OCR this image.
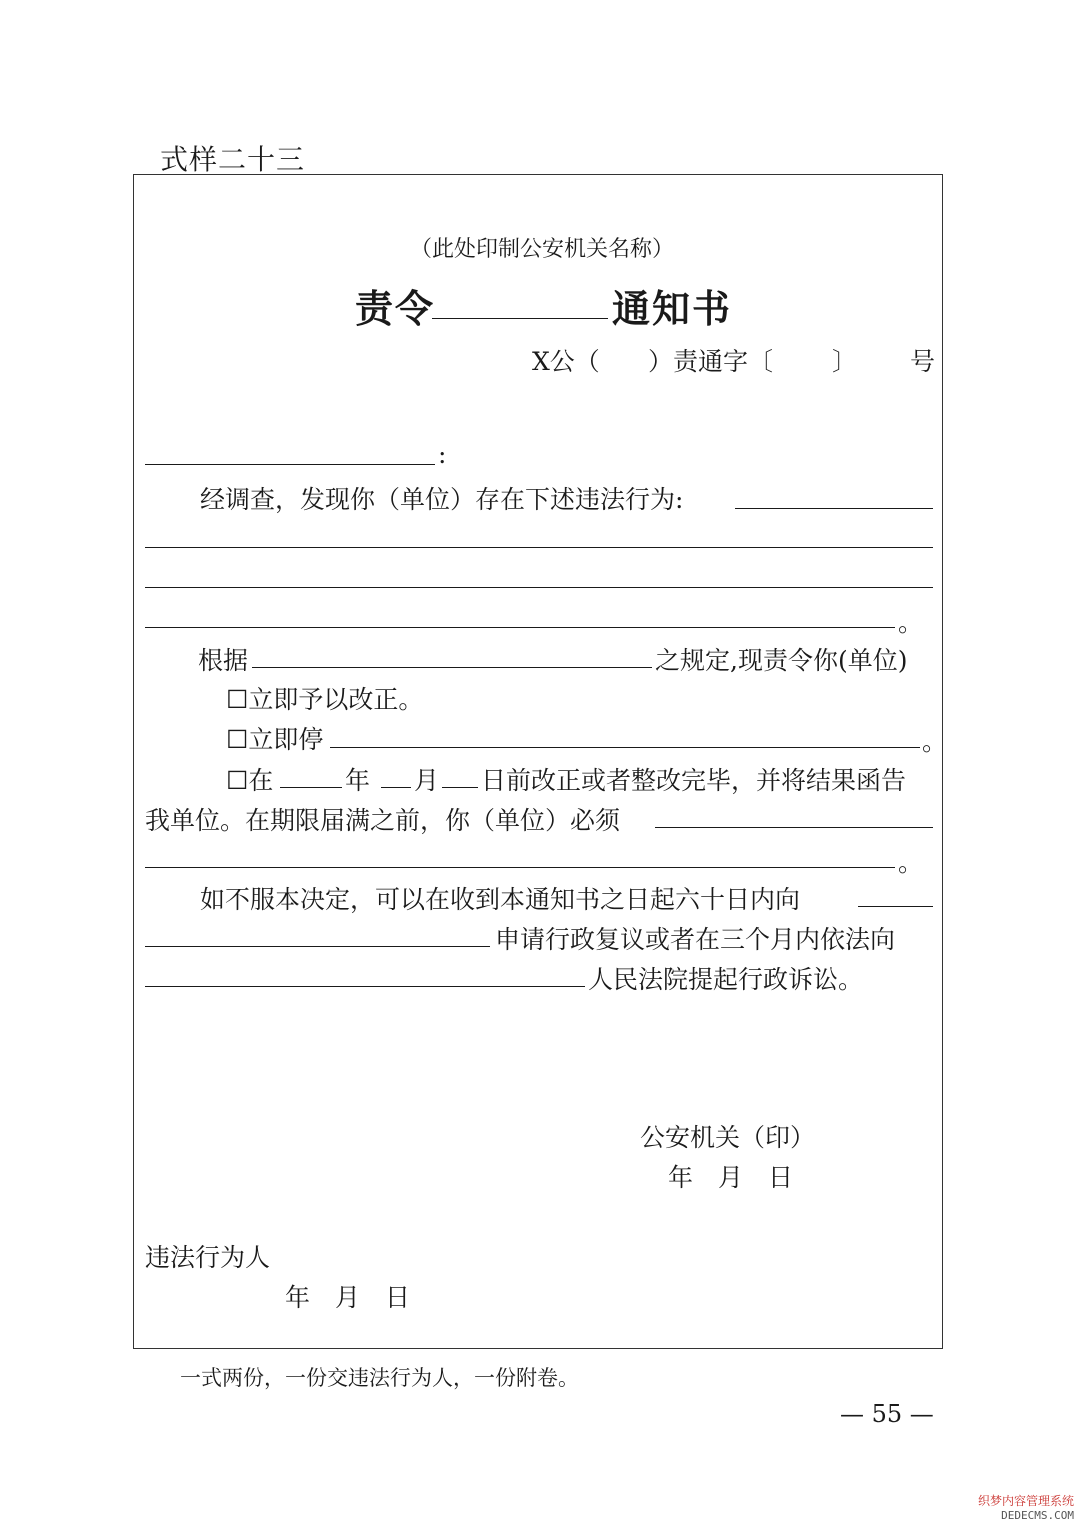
式样二十三
（此处印制公安机关名称）
责令	通知书
X公（ ）责通字〔 〕 号
:
经调查，发现你（单位）存在下述违法行为:
。
根据	之规定,现责令你(单位)
☐立即予以改正。
☐立即停	。
☐在	年 月 日前改正或者整改完毕，并将结果函告
我单位。在期限届满之前，你（单位）必须
。
如不服本决定，可以在收到本通知书之日起六十日内向
申请行政复议或者在三个月内依法向
人民法院提起行政诉讼。
公安机关（印）
年　月　日
违法行为人
年　月　日
一式两份，一份交违法行为人，一份附卷。
— 55 —
织梦内容管理系统
DEDECMS.COM
